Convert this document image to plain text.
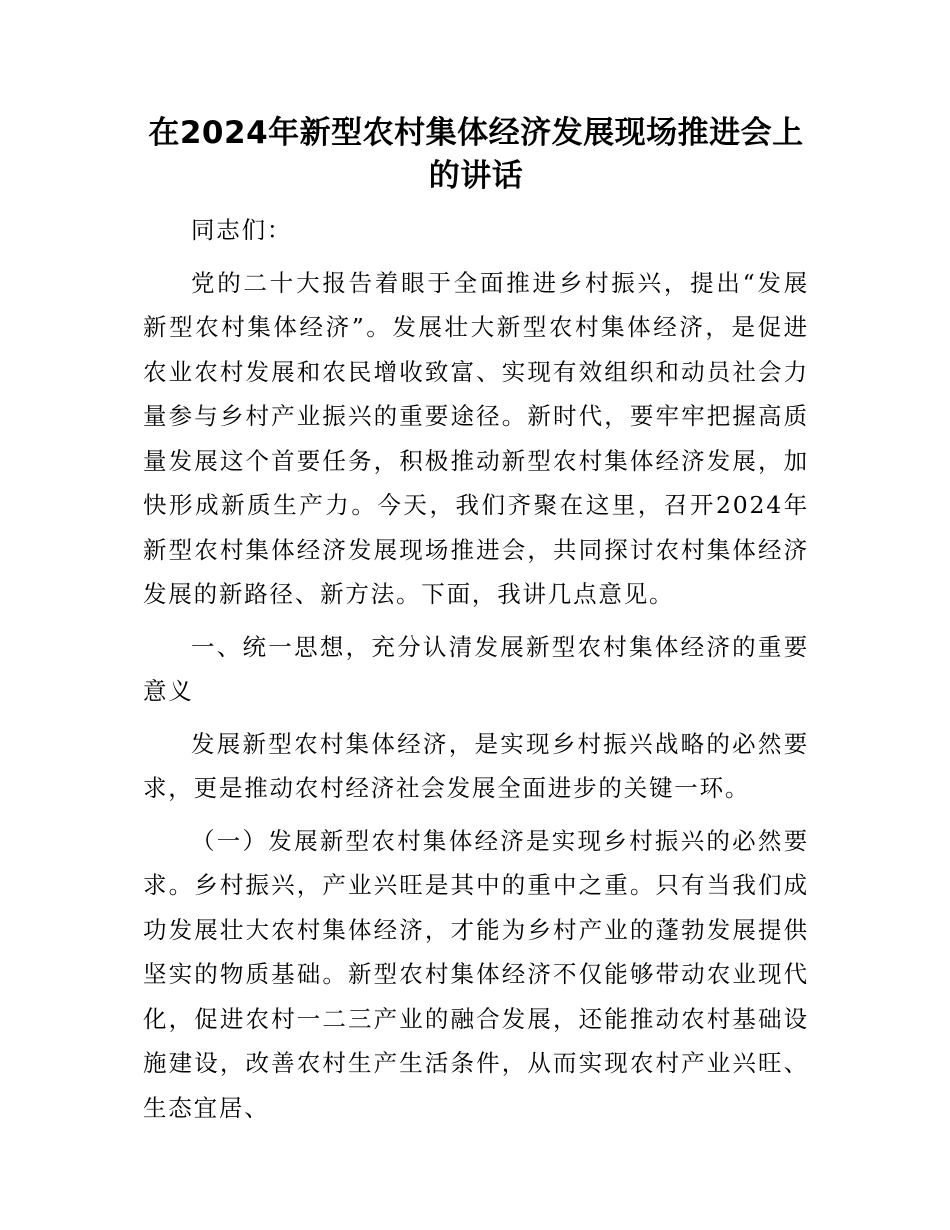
在2024年新型农村集体经济发展现场推进会上
的讲话

同志们：

党的二十大报告着眼于全面推进乡村振兴，提出“发展新型农村集体经济”。发展壮大新型农村集体经济，是促进农业农村发展和农民增收致富、实现有效组织和动员社会力量参与乡村产业振兴的重要途径。新时代，要牢牢把握高质量发展这个首要任务，积极推动新型农村集体经济发展，加快形成新质生产力。今天，我们齐聚在这里，召开2024年新型农村集体经济发展现场推进会，共同探讨农村集体经济发展的新路径、新方法。下面，我讲几点意见。

一、统一思想，充分认清发展新型农村集体经济的重要意义

发展新型农村集体经济，是实现乡村振兴战略的必然要求，更是推动农村经济社会发展全面进步的关键一环。

（一）发展新型农村集体经济是实现乡村振兴的必然要求。乡村振兴，产业兴旺是其中的重中之重。只有当我们成功发展壮大农村集体经济，才能为乡村产业的蓬勃发展提供坚实的物质基础。新型农村集体经济不仅能够带动农业现代化，促进农村一二三产业的融合发展，还能推动农村基础设施建设，改善农村生产生活条件，从而实现农村产业兴旺、生态宜居、
